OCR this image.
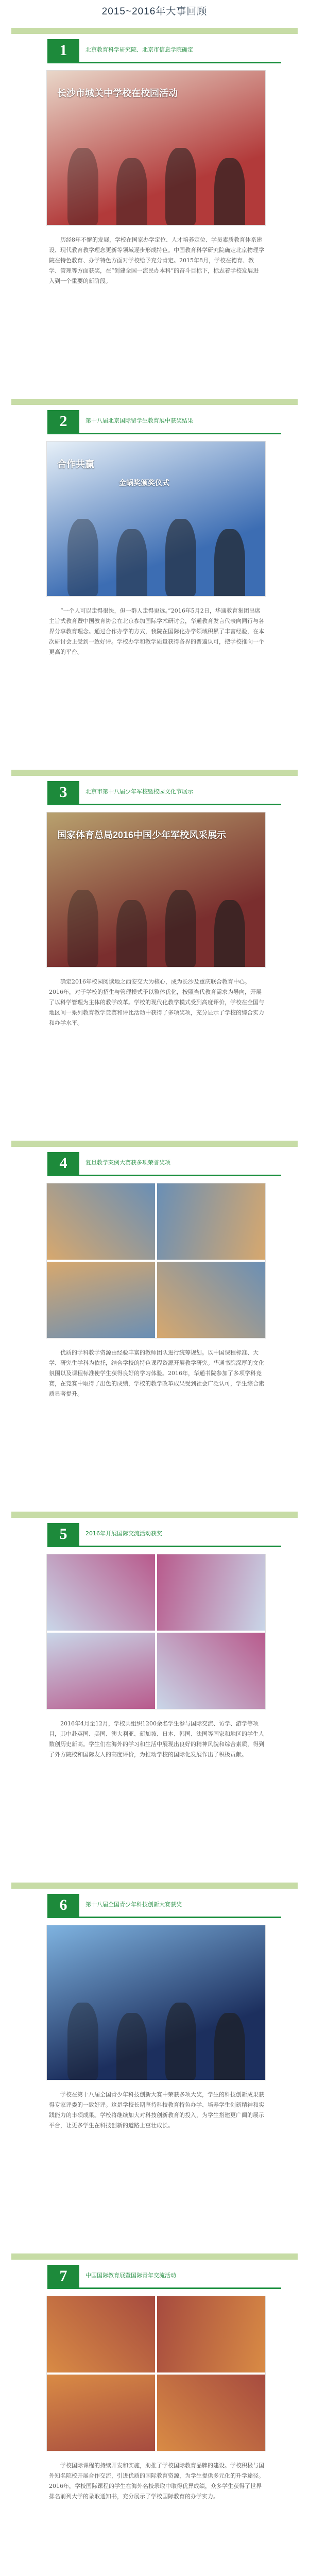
2015~2016年大事回顾
1	北京教育科学研究院、北京市信息学院确定
长沙市城关中学校在校园活动

历经8年不懈的发展，学校在国家办学定位、人才培养定位、学员素质教育体系建设、现代教育教学理念更新等领域逐步形成特色。中国教育科学研究院确定北京物理学院在特色教育、办学特色方面对学校给予充分肯定。2015年8月，学校在德育、教学、管理等方面获奖，在“创建全国一流民办本科”的奋斗目标下，标志着学校发展进入到一个重要的新阶段。

2	第十八届北京国际留学生教育展中获奖结果
合作共赢
金蜗奖颁奖仪式

“一个人可以走得很快，但一群人走得更远。”2016年5月2日，华通教育集团出席主旨式教育暨中国教育协会在北京参加国际学术研讨会，华通教育发言代表向同行与各界分享教育理念。通过合作办学的方式，我院在国际化办学领域积累了丰富经验，在本次研讨会上受到一致好评。学校办学和教学质量获得各界的普遍认可，把学校推向一个更高的平台。

3	北京市第十八届少年军校暨校园文化节展示
国家体育总局2016中国少年军校风采展示

确定2016年校园阅读地之西安交大为核心，成为长沙及重庆联合教育中心。2016年，对于学校的招生与管理模式予以整体优化，按照当代教育需求为导向，开展了以科学管理为主体的教学改革。学校的现代化教学模式受到高度评价，学校在全国与地区间一系列教育教学竞赛和评比活动中获得了多项奖项，充分显示了学校的综合实力和办学水平。

4	复旦教学案例大赛获多项荣誉奖项

优质的学科教学资源由经验丰富的教师团队进行统筹规划。以中国课程标准、大学、研究生学科为依托，结合学校的特色课程资源开展教学研究。华通书院深厚的文化氛围以及课程标准使学生获得良好的学习体验。2016年，华通书院参加了多项学科竞赛，在竞赛中取得了出色的成绩，学校的教学改革成果受到社会广泛认可，学生综合素质显著提升。

5	2016年开展国际交流活动获奖

2016年4月至12月，学校共组织1200余名学生参与国际交流、访学、游学等项目，其中赴英国、美国、澳大利亚、新加坡、日本、韩国、法国等国家和地区的学生人数创历史新高。学生们在海外的学习和生活中展现出良好的精神风貌和综合素质，得到了外方院校和国际友人的高度评价，为推动学校的国际化发展作出了积极贡献。

6	第十八届全国青少年科技创新大赛获奖

学校在第十八届全国青少年科技创新大赛中荣获多项大奖，学生的科技创新成果获得专家评委的一致好评。这是学校长期坚持科技教育特色办学、培养学生创新精神和实践能力的丰硕成果。学校将继续加大对科技创新教育的投入，为学生搭建更广阔的展示平台，让更多学生在科技创新的道路上茁壮成长。

7	中国国际教育展暨国际青年交流活动

学校国际课程的持续开发和实施，助推了学校国际教育品牌的建设。学校积极与国外知名院校开展合作交流，引进优质的国际教育资源，为学生提供多元化的升学途径。2016年，学校国际课程的学生在海外名校录取中取得优异成绩，众多学生获得了世界排名前列大学的录取通知书，充分展示了学校国际教育的办学实力。
